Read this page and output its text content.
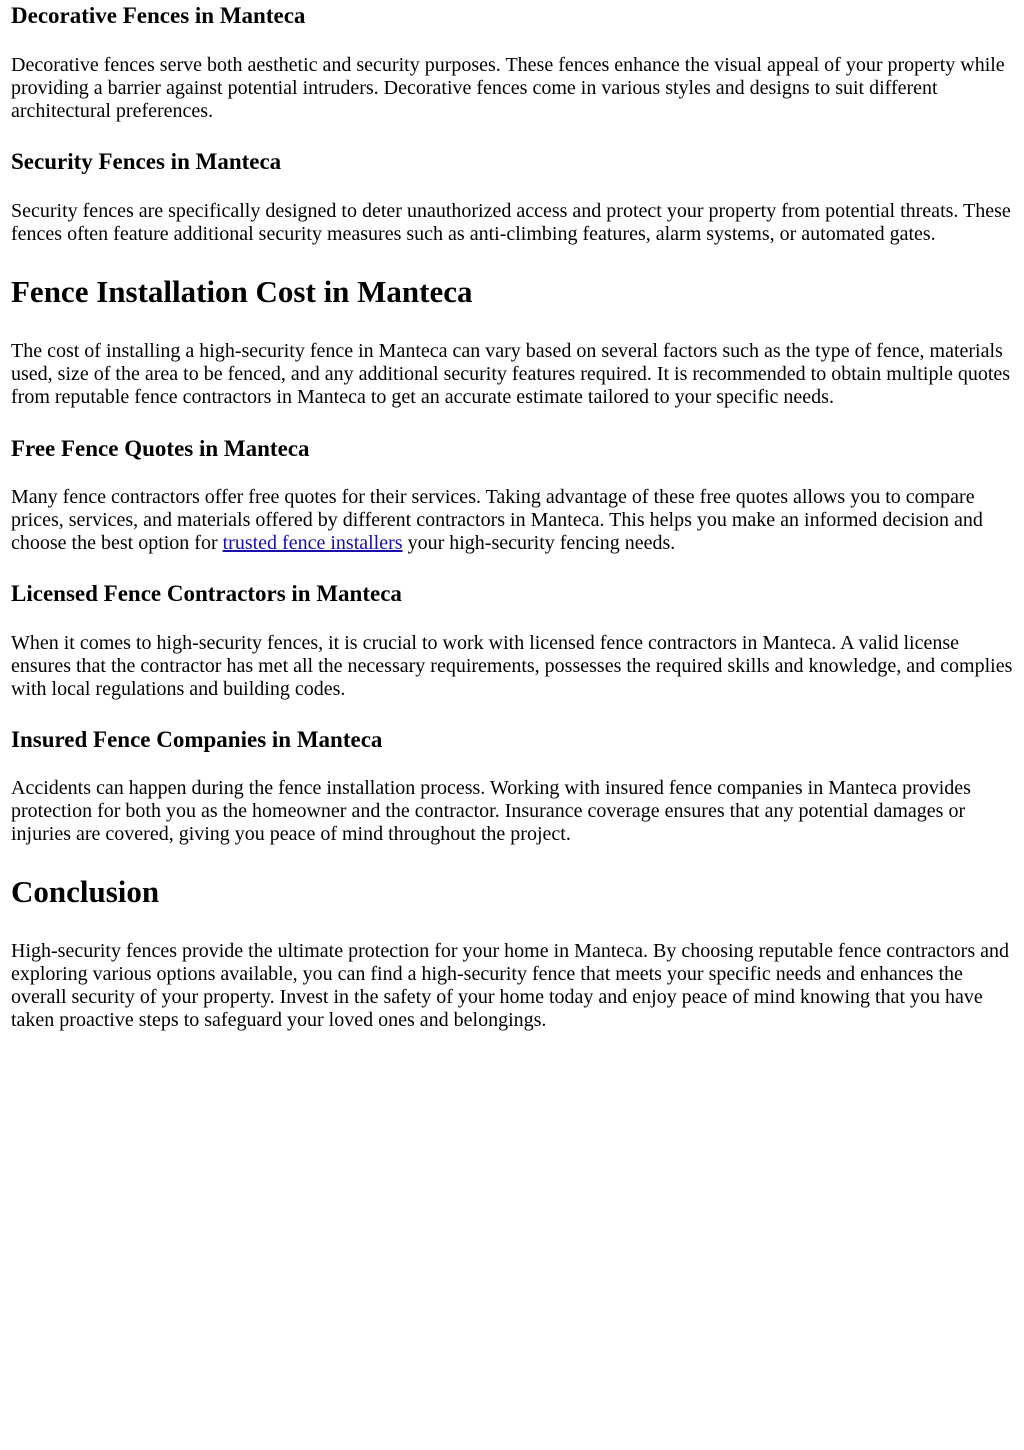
Decorative Fences in Manteca

Decorative fences serve both aesthetic and security purposes. These fences enhance the visual appeal of your property while providing a barrier against potential intruders. Decorative fences come in various styles and designs to suit different architectural preferences.

Security Fences in Manteca

Security fences are specifically designed to deter unauthorized access and protect your property from potential threats. These fences often feature additional security measures such as anti-climbing features, alarm systems, or automated gates.

Fence Installation Cost in Manteca

The cost of installing a high-security fence in Manteca can vary based on several factors such as the type of fence, materials used, size of the area to be fenced, and any additional security features required. It is recommended to obtain multiple quotes from reputable fence contractors in Manteca to get an accurate estimate tailored to your specific needs.

Free Fence Quotes in Manteca

Many fence contractors offer free quotes for their services. Taking advantage of these free quotes allows you to compare prices, services, and materials offered by different contractors in Manteca. This helps you make an informed decision and choose the best option for trusted fence installers your high-security fencing needs.

Licensed Fence Contractors in Manteca

When it comes to high-security fences, it is crucial to work with licensed fence contractors in Manteca. A valid license ensures that the contractor has met all the necessary requirements, possesses the required skills and knowledge, and complies with local regulations and building codes.

Insured Fence Companies in Manteca

Accidents can happen during the fence installation process. Working with insured fence companies in Manteca provides protection for both you as the homeowner and the contractor. Insurance coverage ensures that any potential damages or injuries are covered, giving you peace of mind throughout the project.

Conclusion

High-security fences provide the ultimate protection for your home in Manteca. By choosing reputable fence contractors and exploring various options available, you can find a high-security fence that meets your specific needs and enhances the overall security of your property. Invest in the safety of your home today and enjoy peace of mind knowing that you have taken proactive steps to safeguard your loved ones and belongings.
